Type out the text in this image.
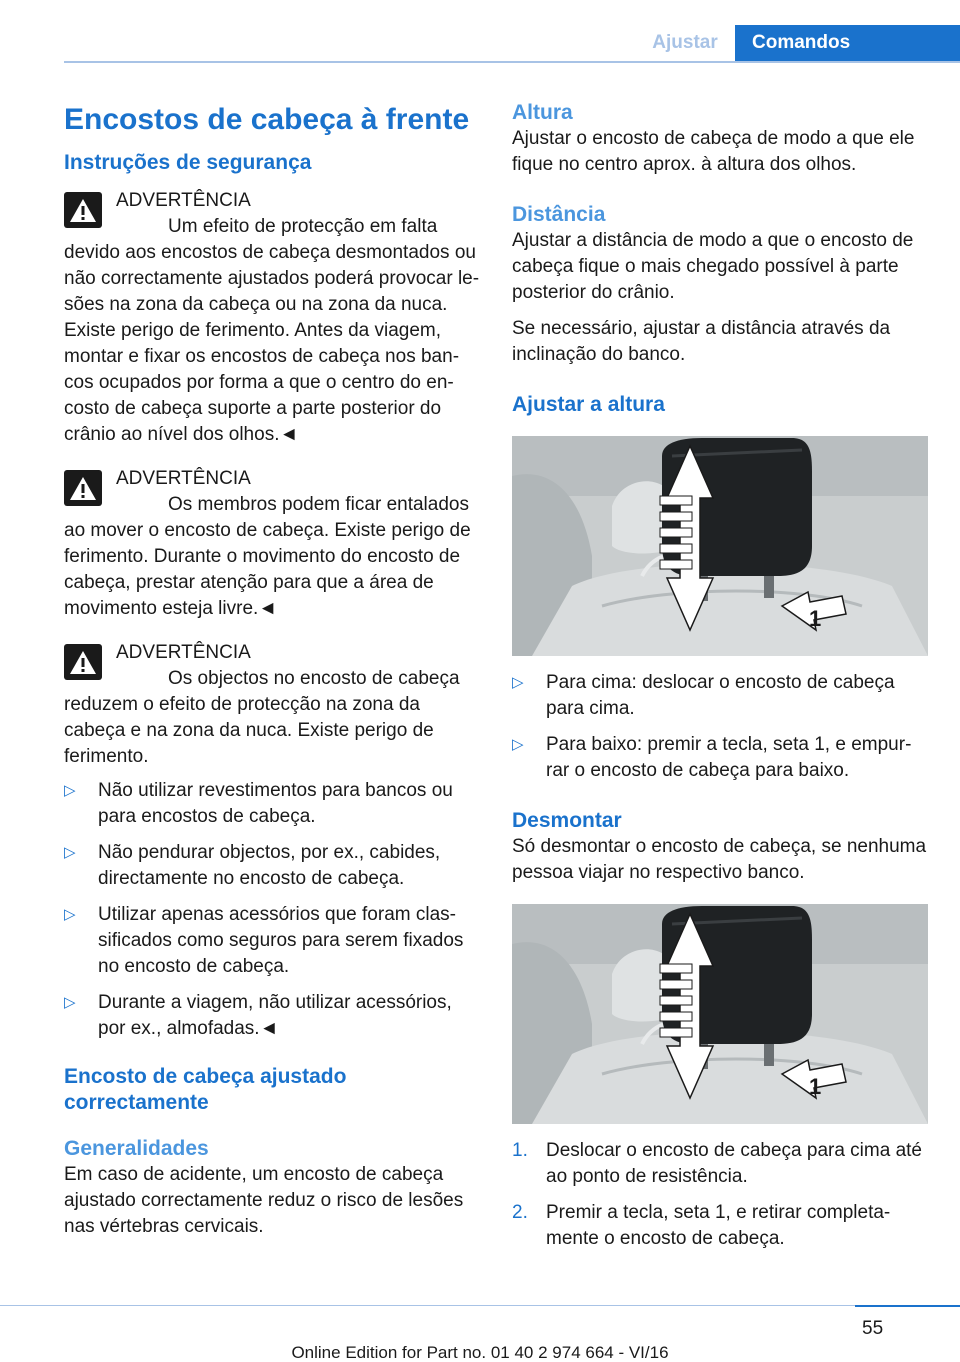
Ajustar	Comandos
Encostos de cabeça à frente
Instruções de segurança
ADVERTÊNCIA
Um efeito de protecção em falta devido aos encostos de cabeça desmontados ou não correctamente ajustados poderá provocar lesões na zona da cabeça ou na zona da nuca. Existe perigo de ferimento. Antes da viagem, montar e fixar os encostos de cabeça nos bancos ocupados por forma a que o centro do encosto de cabeça suporte a parte posterior do crânio ao nível dos olhos.◄
ADVERTÊNCIA
Os membros podem ficar entalados ao mover o encosto de cabeça. Existe perigo de ferimento. Durante o movimento do encosto de cabeça, prestar atenção para que a área de movimento esteja livre.◄
ADVERTÊNCIA
Os objectos no encosto de cabeça reduzem o efeito de protecção na zona da cabeça e na zona da nuca. Existe perigo de ferimento.
▷ Não utilizar revestimentos para bancos ou para encostos de cabeça.
▷ Não pendurar objectos, por ex., cabides, directamente no encosto de cabeça.
▷ Utilizar apenas acessórios que foram classificados como seguros para serem fixados no encosto de cabeça.
▷ Durante a viagem, não utilizar acessórios, por ex., almofadas.◄
Encosto de cabeça ajustado correctamente
Generalidades
Em caso de acidente, um encosto de cabeça ajustado correctamente reduz o risco de lesões nas vértebras cervicais.
Altura
Ajustar o encosto de cabeça de modo a que ele fique no centro aprox. à altura dos olhos.
Distância
Ajustar a distância de modo a que o encosto de cabeça fique o mais chegado possível à parte posterior do crânio.
Se necessário, ajustar a distância através da inclinação do banco.
Ajustar a altura
1
▷ Para cima: deslocar o encosto de cabeça para cima.
▷ Para baixo: premir a tecla, seta 1, e empurrar o encosto de cabeça para baixo.
Desmontar
Só desmontar o encosto de cabeça, se nenhuma pessoa viajar no respectivo banco.
1
1. Deslocar o encosto de cabeça para cima até ao ponto de resistência.
2. Premir a tecla, seta 1, e retirar completamente o encosto de cabeça.
55
Online Edition for Part no. 01 40 2 974 664 - VI/16
